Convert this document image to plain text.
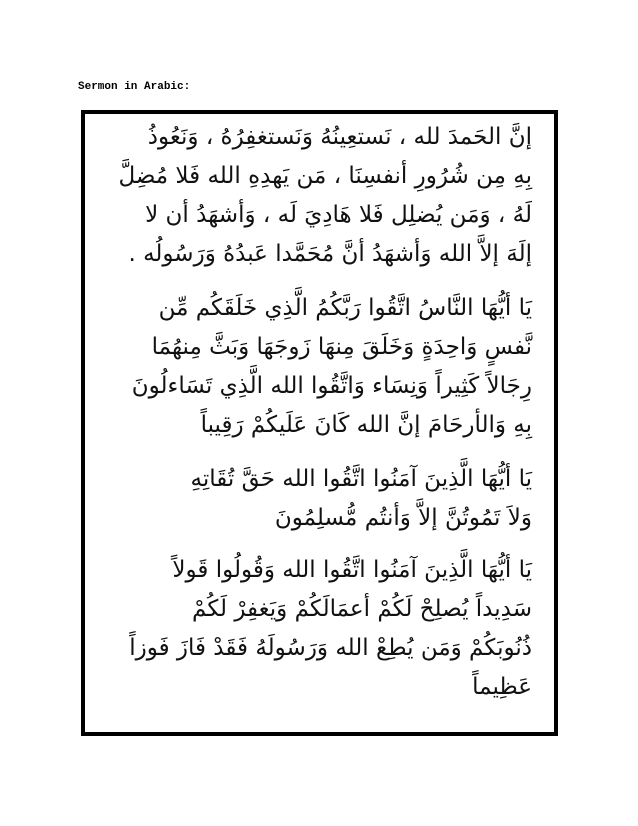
Sermon in Arabic:

إنَّ الحَمدَ لله ، نَستعِينُهُ وَنَستغفِرُهُ ، وَنَعُوذُ
بِهِ مِن شُرُورِ أنفسِنَا ، مَن يَهدِهِ الله فَلا مُضِلَّ
لَهُ ، وَمَن يُضلِل فَلا هَادِيَ لَه ، وَأشهَدُ أن لا
إلَهَ إلاَّ الله وَأشهَدُ أنَّ مُحَمَّدا عَبدُهُ وَرَسُولُه .
يَا أيُّهَا النَّاسُ اتَّقُوا رَبَّكُمُ الَّذِي خَلَقَكُم مِّن
نَّفسٍ وَاحِدَةٍ وَخَلَقَ مِنهَا زَوجَهَا وَبَثَّ مِنهُمَا
رِجَالاً كَثِيراً وَنِسَاء وَاتَّقُوا الله الَّذِي تَسَاءلُونَ
بِهِ وَالأرحَامَ إنَّ الله كَانَ عَلَيكُمْ رَقِيباً
يَا أيُّهَا الَّذِينَ آمَنُوا اتَّقُوا الله حَقَّ تُقَاتِهِ
وَلاَ تَمُوتُنَّ إلاَّ وَأنتُم مُّسلِمُونَ
يَا أيُّهَا الَّذِينَ آمَنُوا اتَّقُوا الله وَقُولُوا قَولاً
سَدِيداً يُصلِحْ لَكُمْ أعمَالَكُمْ وَيَغفِرْ لَكُمْ
ذُنُوبَكُمْ وَمَن يُطِعْ الله وَرَسُولَهُ فَقَدْ فَازَ فَوزاً
عَظِيماً
